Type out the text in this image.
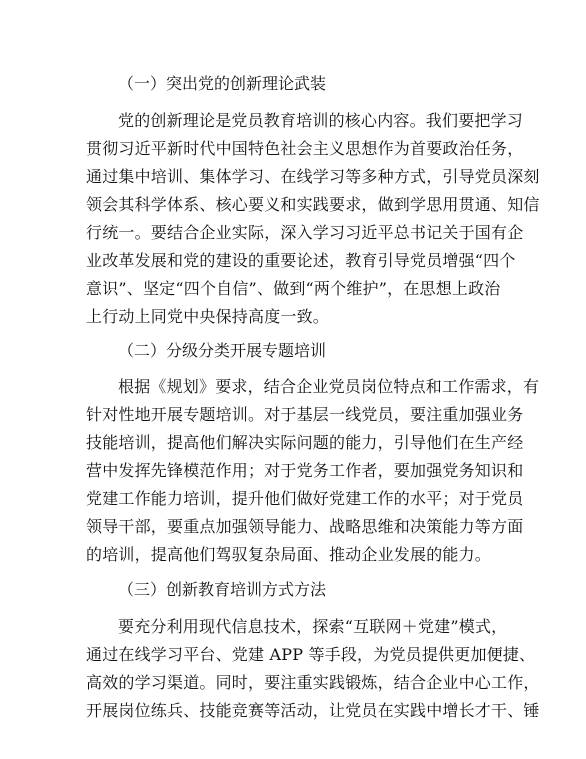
（一）突出党的创新理论武装
党的创新理论是党员教育培训的核心内容。我们要把学习
贯彻习近平新时代中国特色社会主义思想作为首要政治任务，
通过集中培训、集体学习、在线学习等多种方式，引导党员深刻
领会其科学体系、核心要义和实践要求，做到学思用贯通、知信
行统一。要结合企业实际，深入学习习近平总书记关于国有企
业改革发展和党的建设的重要论述，教育引导党员增强“四个
意识”、坚定“四个自信”、做到“两个维护”，在思想上政治
上行动上同党中央保持高度一致。
（二）分级分类开展专题培训
根据《规划》要求，结合企业党员岗位特点和工作需求，有
针对性地开展专题培训。对于基层一线党员，要注重加强业务
技能培训，提高他们解决实际问题的能力，引导他们在生产经
营中发挥先锋模范作用；对于党务工作者，要加强党务知识和
党建工作能力培训，提升他们做好党建工作的水平；对于党员
领导干部，要重点加强领导能力、战略思维和决策能力等方面
的培训，提高他们驾驭复杂局面、推动企业发展的能力。
（三）创新教育培训方式方法
要充分利用现代信息技术，探索“互联网＋党建”模式，
通过在线学习平台、党建 APP 等手段，为党员提供更加便捷、
高效的学习渠道。同时，要注重实践锻炼，结合企业中心工作，
开展岗位练兵、技能竞赛等活动，让党员在实践中增长才干、锤
